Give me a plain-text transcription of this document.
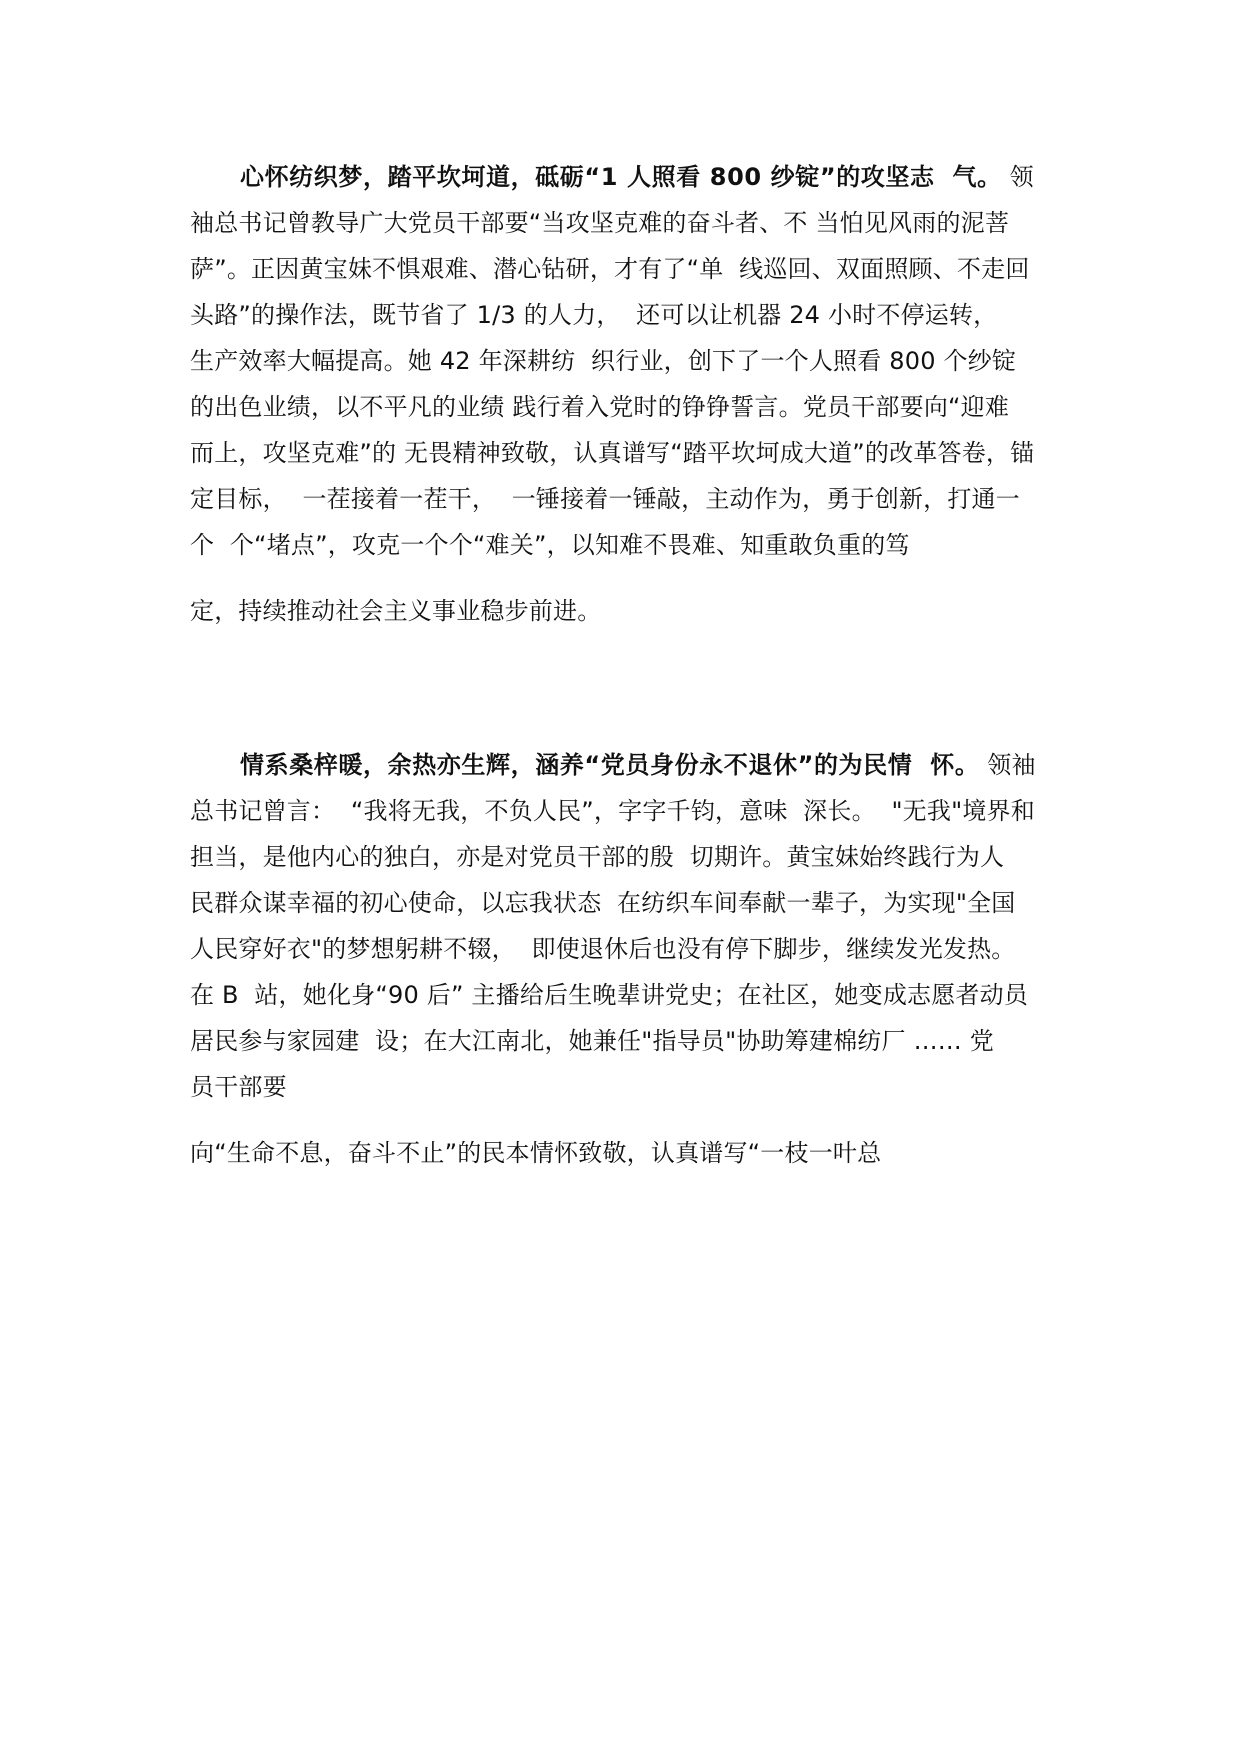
心怀纺织梦，踏平坎坷道，砥砺“1 人照看 800 纱锭”的攻坚志  气。 领
袖总书记曾教导广大党员干部要“当攻坚克难的奋斗者、不 当怕见风雨的泥菩
萨”。正因黄宝妹不惧艰难、潜心钻研，才有了“单  线巡回、双面照顾、不走回
头路”的操作法，既节省了 1/3 的人力，  还可以让机器 24 小时不停运转，
生产效率大幅提高。她 42 年深耕纺  织行业，创下了一个人照看 800 个纱锭
的出色业绩，以不平凡的业绩 践行着入党时的铮铮誓言。党员干部要向“迎难
而上，攻坚克难”的 无畏精神致敬，认真谱写“踏平坎坷成大道”的改革答卷，锚
定目标，  一茬接着一茬干，  一锤接着一锤敲，主动作为，勇于创新，打通一
个  个“堵点”，攻克一个个“难关”，以知难不畏难、知重敢负重的笃
定，持续推动社会主义事业稳步前进。
情系桑梓暖，余热亦生辉，涵养“党员身份永不退休”的为民情  怀。 领袖
总书记曾言：  “我将无我，不负人民”，字字千钧，意味  深长。  "无我"境界和
担当，是他内心的独白，亦是对党员干部的殷  切期许。黄宝妹始终践行为人
民群众谋幸福的初心使命，以忘我状态  在纺织车间奉献一辈子，为实现"全国
人民穿好衣"的梦想躬耕不辍，  即使退休后也没有停下脚步，继续发光发热。
在 B  站，她化身“90 后” 主播给后生晚辈讲党史；在社区，她变成志愿者动员
居民参与家园建  设；在大江南北，她兼任"指导员"协助筹建棉纺厂 …… 党
员干部要
向“生命不息，奋斗不止”的民本情怀致敬，认真谱写“一枝一叶总
